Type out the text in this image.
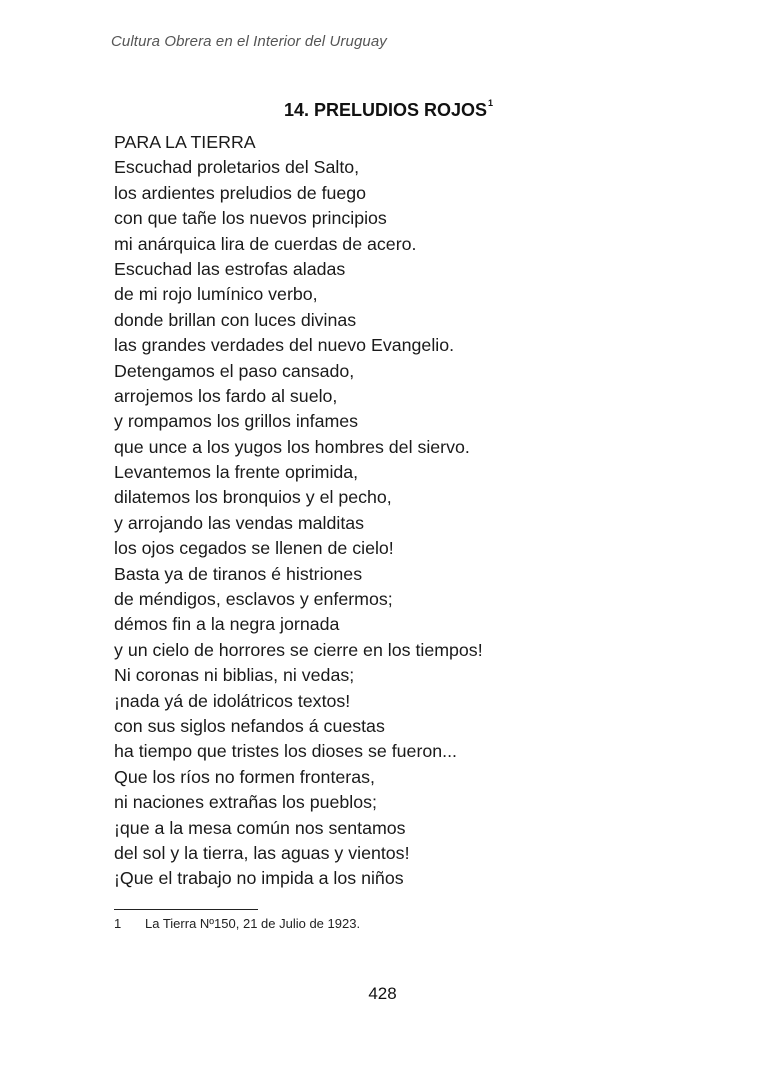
Cultura Obrera en el Interior del Uruguay
14. PRELUDIOS ROJOS$^1$
PARA LA TIERRA
Escuchad proletarios del Salto,
los ardientes preludios de fuego
con que tañe los nuevos principios
mi anárquica lira de cuerdas de acero.
Escuchad las estrofas aladas
de mi rojo lumínico verbo,
donde brillan con luces divinas
las grandes verdades del nuevo Evangelio.
Detengamos el paso cansado,
arrojemos los fardo al suelo,
y rompamos los grillos infames
que unce a los yugos los hombres del siervo.
Levantemos la frente oprimida,
dilatemos los bronquios y el pecho,
y arrojando las vendas malditas
los ojos cegados se llenen de cielo!
Basta ya de tiranos é histriones
de méndigos, esclavos y enfermos;
démos fin a la negra jornada
y un cielo de horrores se cierre en los tiempos!
Ni coronas ni biblias, ni vedas;
¡nada yá de idolátricos textos!
con sus siglos nefandos á cuestas
ha tiempo que tristes los dioses se fueron...
Que los ríos no formen fronteras,
ni naciones extrañas los pueblos;
¡que a la mesa común nos sentamos
del sol y la tierra, las aguas y vientos!
¡Que el trabajo no impida a los niños
1 La Tierra Nº150, 21 de Julio de 1923.
428
